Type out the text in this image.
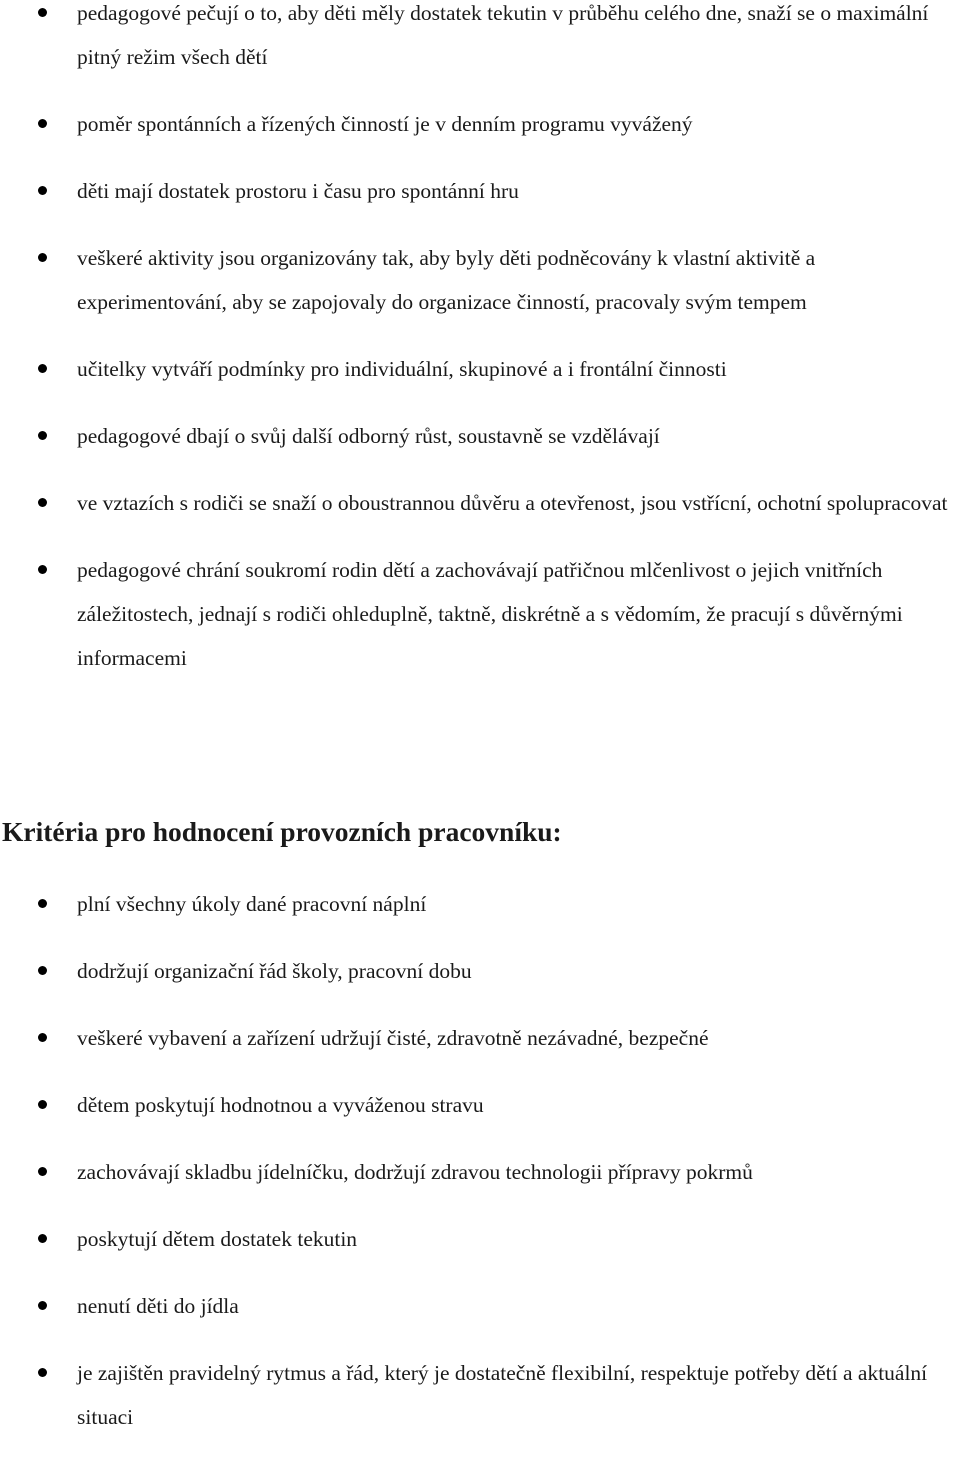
pedagogové pečují o to, aby děti měly dostatek tekutin v průběhu celého dne, snaží se o maximální pitný režim všech dětí
poměr spontánních a řízených činností je v denním programu vyvážený
děti mají dostatek prostoru i času pro spontánní hru
veškeré aktivity jsou organizovány tak, aby byly děti podněcovány k vlastní aktivitě a experimentování, aby se zapojovaly do organizace činností, pracovaly svým tempem
učitelky vytváří podmínky pro individuální, skupinové a i frontální činnosti
pedagogové dbají o svůj další odborný růst, soustavně se vzdělávají
ve vztazích s rodiči se snaží o oboustrannou důvěru a otevřenost, jsou vstřícní, ochotní spolupracovat
pedagogové chrání soukromí rodin dětí a zachovávají patřičnou mlčenlivost o jejich vnitřních záležitostech, jednají s rodiči ohleduplně, taktně, diskrétně a s vědomím, že pracují s důvěrnými informacemi
Kritéria pro hodnocení provozních pracovníku:
plní všechny úkoly dané pracovní náplní
dodržují organizační řád školy, pracovní dobu
veškeré vybavení a zařízení udržují čisté, zdravotně nezávadné, bezpečné
dětem poskytují hodnotnou a vyváženou stravu
zachovávají skladbu jídelníčku, dodržují zdravou technologii přípravy pokrmů
poskytují dětem dostatek tekutin
nenutí děti do jídla
je zajištěn pravidelný rytmus a řád, který je dostatečně flexibilní, respektuje potřeby dětí a aktuální situaci
